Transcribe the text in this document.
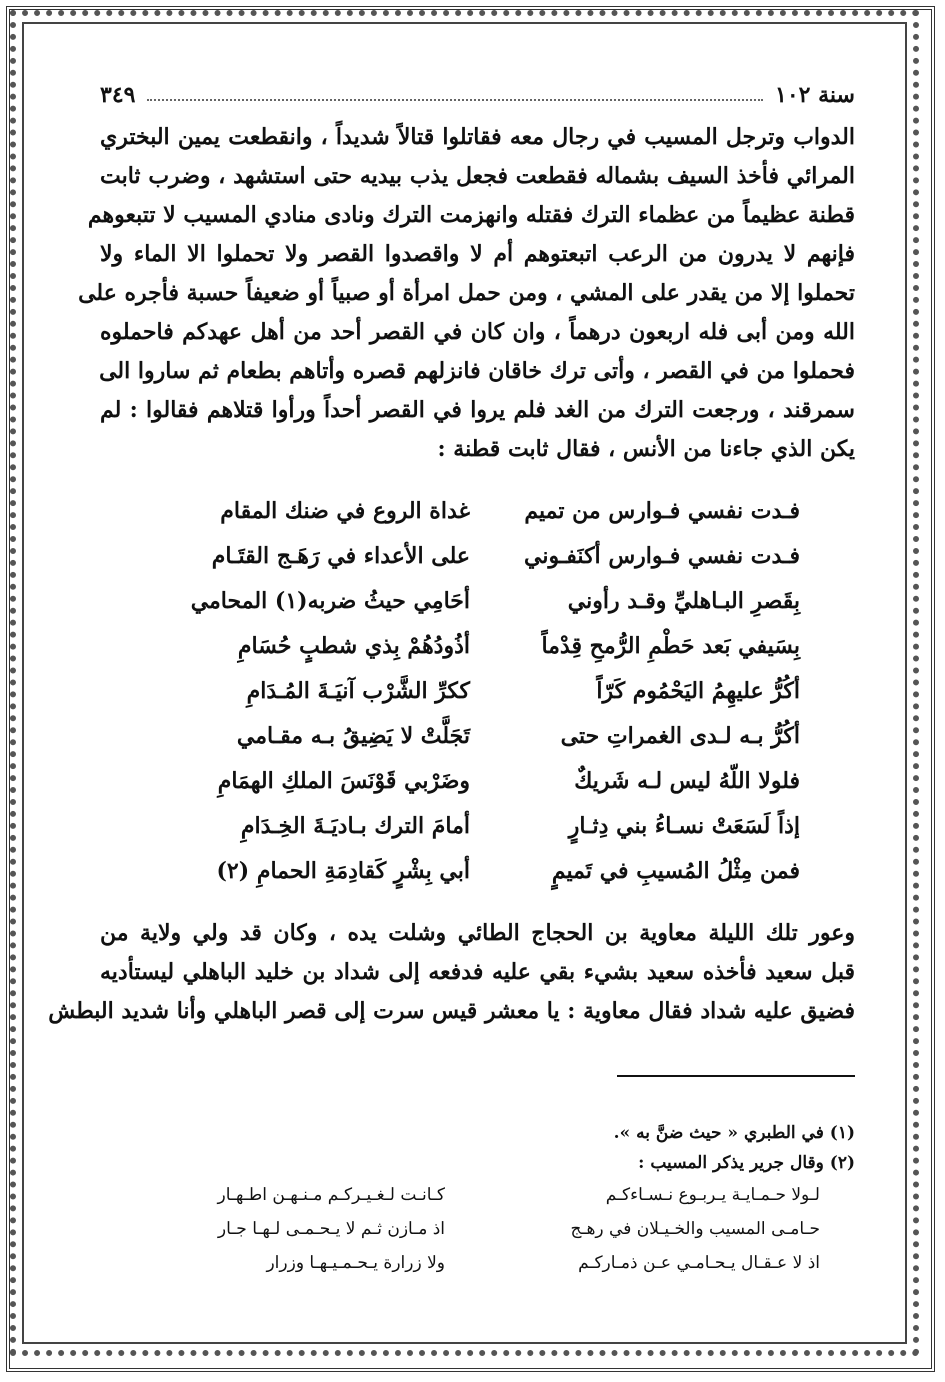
سنة ١٠٢
٣٤٩
الدواب وترجل المسيب في رجال معه فقاتلوا قتالاً شديداً ، وانقطعت يمين البختري
المرائي فأخذ السيف بشماله فقطعت فجعل يذب بيديه حتى استشهد ، وضرب ثابت
قطنة عظيماً من عظماء الترك فقتله وانهزمت الترك ونادى منادي المسيب لا تتبعوهم
فإنهم لا يدرون من الرعب اتبعتوهم أم لا واقصدوا القصر ولا تحملوا الا الماء ولا
تحملوا إلا من يقدر على المشي ، ومن حمل امرأة أو صبياً أو ضعيفاً حسبة فأجره على
الله ومن أبى فله اربعون درهماً ، وان كان في القصر أحد من أهل عهدكم فاحملوه
فحملوا من في القصر ، وأتى ترك خاقان فانزلهم قصره وأتاهم بطعام ثم ساروا الى
سمرقند ، ورجعت الترك من الغد فلم يروا في القصر أحداً ورأوا قتلاهم فقالوا : لم
يكن الذي جاءنا من الأنس ، فقال ثابت قطنة :
فـدت نفسي فـوارس من تميم
غداة الروع في ضنك المقام
فـدت نفسي فـوارس أكنَفـوني
على الأعداء في رَهَـج القتَـام
بِقَصرِ البـاهليِّ وقـد رأوني
أحَامِي حيثُ ضربه(١) المحامي
بِسَيفي بَعد حَطْمِ الرُّمحِ قِدْماً
أذُودُهُمْ بِذي شطبٍ حُسَامِ
أكُرُّ عليهِمُ اليَحْمُوم كَرّاً
ككرِّ الشَّرْب آنيَـةَ المُـدَامِ
أكُرُّ بـه لـدى الغمراتِ حتى
تَجَلَّتْ لا يَضِيقُ بـه مقـامي
فلولا اللّهُ ليس لـه شَريكٌ
وضَرْبي قَوْنَسَ الملكِ الهمَامِ
إذاً لَسَعَتْ نسـاءُ بني دِثـارٍ
أمامَ الترك بـاديَـةَ الخِـدَامِ
فمن مِثْلُ المُسيبِ في تَميمٍ
أبي بِشْرٍ كَقادِمَةِ الحمامِ (٢)
وعور تلك الليلة معاوية بن الحجاج الطائي وشلت يده ، وكان قد ولي ولاية من
قبل سعيد فأخذه سعيد بشيء بقي عليه فدفعه إلى شداد بن خليد الباهلي ليستأديه
فضيق عليه شداد فقال معاوية : يا معشر قيس سرت إلى قصر الباهلي وأنا شديد البطش
(١) في الطبري « حيث ضنَّ به ».
(٢) وقال جرير يذكر المسيب :
لـولا حـمـايـة يـربـوع نـسـاءكـم
كـانـت لـغـيـركـم مـنـهـن اطـهـار
حـامـى المسيب والخـيـلان في رهـج
اذ مـازن ثـم لا يـحـمـى لـهـا جـار
اذ لا عـقـال يـحـامـي عـن ذمـاركـم
ولا زرارة يـحـمـيـهـا وزرار
